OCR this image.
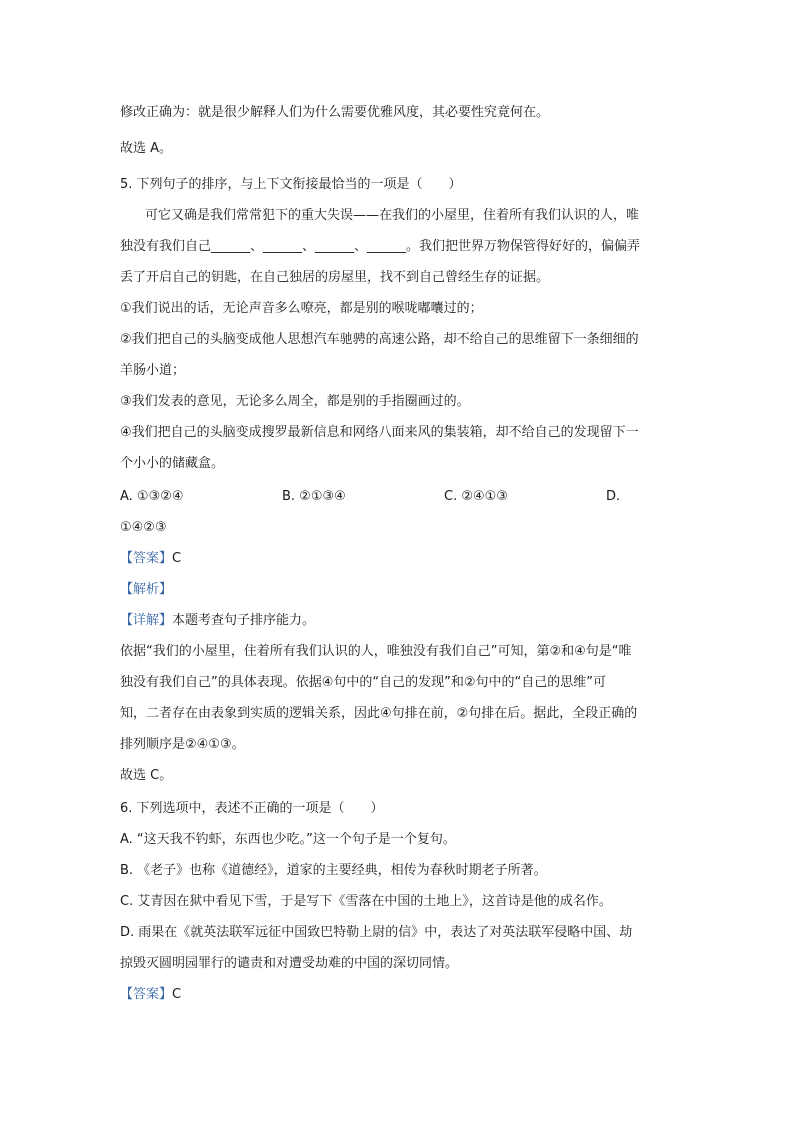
修改正确为：就是很少解释人们为什么需要优雅风度，其必要性究竟何在。
故选 A。
5. 下列句子的排序，与上下文衔接最恰当的一项是（　　）
可它又确是我们常常犯下的重大失误——在我们的小屋里，住着所有我们认识的人，唯
独没有我们自己______、______、______、______。我们把世界万物保管得好好的，偏偏弄
丢了开启自己的钥匙，在自己独居的房屋里，找不到自己曾经生存的证据。
①我们说出的话，无论声音多么嘹亮，都是别的喉咙嘟囔过的；
②我们把自己的头脑变成他人思想汽车驰骋的高速公路，却不给自己的思维留下一条细细的
羊肠小道；
③我们发表的意见，无论多么周全，都是别的手指圈画过的。
④我们把自己的头脑变成搜罗最新信息和网络八面来风的集装箱，却不给自己的发现留下一
个小小的储藏盒。
A. ①③②④	B. ②①③④	C. ②④①③	D.
①④②③
【答案】C
【解析】
【详解】本题考查句子排序能力。
依据“我们的小屋里，住着所有我们认识的人，唯独没有我们自己”可知，第②和④句是“唯
独没有我们自己”的具体表现。依据④句中的“自己的发现”和②句中的“自己的思维”可
知，二者存在由表象到实质的逻辑关系，因此④句排在前，②句排在后。据此，全段正确的
排列顺序是②④①③。
故选 C。
6. 下列选项中，表述不正确的一项是（　　）
A. “这天我不钓虾，东西也少吃。”这一个句子是一个复句。
B. 《老子》也称《道德经》，道家的主要经典，相传为春秋时期老子所著。
C. 艾青因在狱中看见下雪，于是写下《雪落在中国的土地上》，这首诗是他的成名作。
D. 雨果在《就英法联军远征中国致巴特勒上尉的信》中，表达了对英法联军侵略中国、劫
掠毁灭圆明园罪行的谴责和对遭受劫难的中国的深切同情。
【答案】C
